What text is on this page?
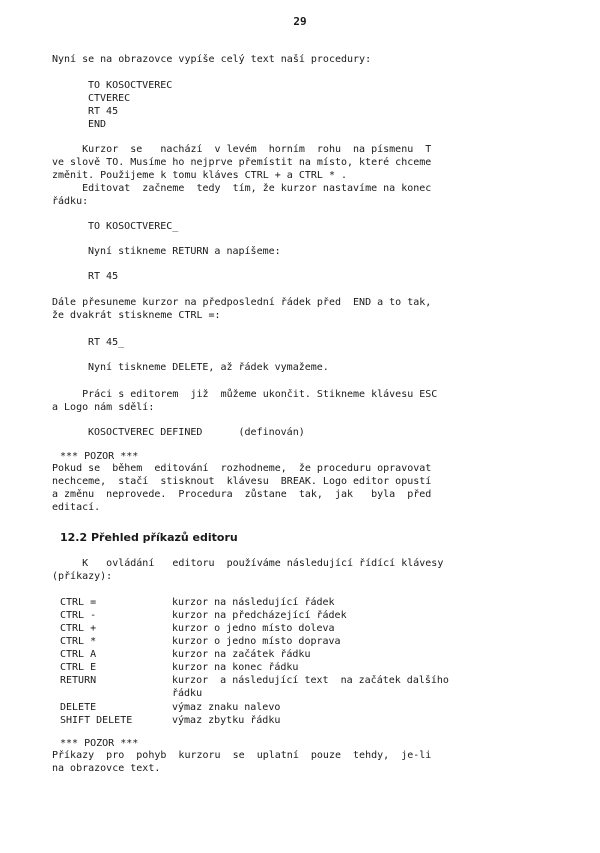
29
Nyní se na obrazovce vypíše celý text naší procedury:
TO KOSOCTVEREC
CTVEREC
RT 45
END
Kurzor  se   nachází  v levém  horním  rohu  na písmenu  T
ve slově TO. Musíme ho nejprve přemístit na místo, které chceme
změnit. Použijeme k tomu kláves CTRL + a CTRL * .
Editovat  začneme  tedy  tím, že kurzor nastavíme na konec
řádku:
TO KOSOCTVEREC_
Nyní stikneme RETURN a napíšeme:
RT 45
Dále přesuneme kurzor na předposlední řádek před  END a to tak,
že dvakrát stiskneme CTRL =:
RT 45_
Nyní tiskneme DELETE, až řádek vymažeme.
Práci s editorem  již  můžeme ukončit. Stikneme klávesu ESC
a Logo nám sdělí:
KOSOCTVEREC DEFINED      (definován)
*** POZOR ***
Pokud se  během  editování  rozhodneme,  že proceduru opravovat
nechceme,  stačí  stisknout  klávesu  BREAK. Logo editor opustí
a změnu  neprovede.  Procedura  zůstane  tak,  jak   byla  před
editací.
12.2 Přehled příkazů editoru
K   ovládání   editoru  používáme následující řídící klávesy
(příkazy):
CTRL =	kurzor na následující řádek
CTRL -	kurzor na předcházející řádek
CTRL +	kurzor o jedno místo doleva
CTRL *	kurzor o jedno místo doprava
CTRL A	kurzor na začátek řádku
CTRL E	kurzor na konec řádku
RETURN	kurzor  a následující text  na začátek dalšího
řádku
DELETE	výmaz znaku nalevo
SHIFT DELETE	výmaz zbytku řádku
*** POZOR ***
Příkazy  pro  pohyb  kurzoru  se  uplatní  pouze  tehdy,  je-li
na obrazovce text.
